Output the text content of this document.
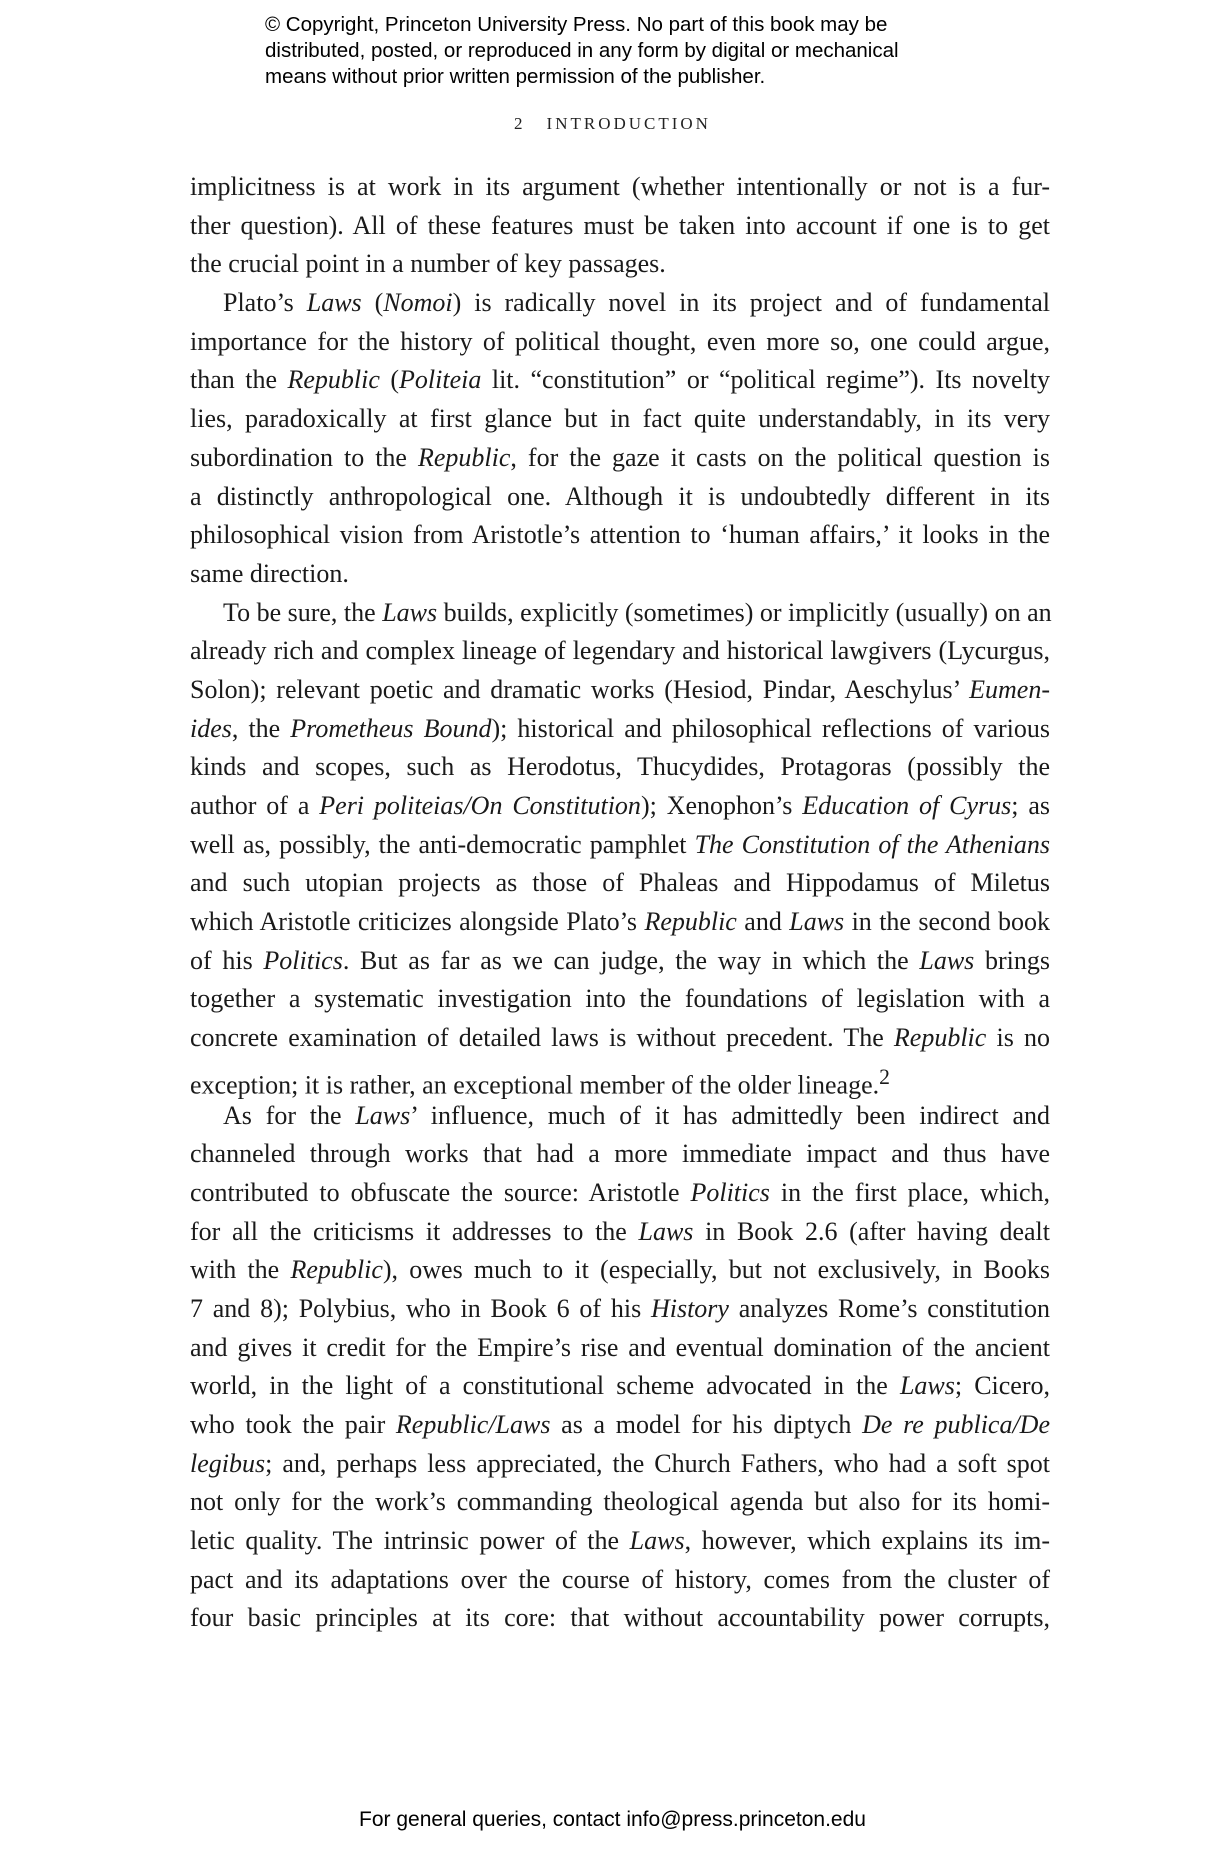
© Copyright, Princeton University Press. No part of this book may be
distributed, posted, or reproduced in any form by digital or mechanical
means without prior written permission of the publisher.
2 INTRODUCTION
implicitness is at work in its argument (whether intentionally or not is a fur-
ther question). All of these features must be taken into account if one is to get
the crucial point in a number of key passages.
Plato’s Laws (Nomoi) is radically novel in its project and of fundamental
importance for the history of political thought, even more so, one could argue,
than the Republic (Politeia lit. “constitution” or “political regime”). Its novelty
lies, paradoxically at first glance but in fact quite understandably, in its very
subordination to the Republic, for the gaze it casts on the political question is
a distinctly anthropological one. Although it is undoubtedly different in its
philosophical vision from Aristotle’s attention to ‘human affairs,’ it looks in the
same direction.
To be sure, the Laws builds, explicitly (sometimes) or implicitly (usually) on an
already rich and complex lineage of legendary and historical lawgivers (Lycurgus,
Solon); relevant poetic and dramatic works (Hesiod, Pindar, Aeschylus’ Eumen-
ides, the Prometheus Bound); historical and philosophical reflections of various
kinds and scopes, such as Herodotus, Thucydides, Protagoras (possibly the
author of a Peri politeias/On Constitution); Xenophon’s Education of Cyrus; as
well as, possibly, the anti-democratic pamphlet The Constitution of the Athenians
and such utopian projects as those of Phaleas and Hippodamus of Miletus
which Aristotle criticizes alongside Plato’s Republic and Laws in the second book
of his Politics. But as far as we can judge, the way in which the Laws brings
together a systematic investigation into the foundations of legislation with a
concrete examination of detailed laws is without precedent. The Republic is no
exception; it is rather, an exceptional member of the older lineage.$^2$
As for the Laws’ influence, much of it has admittedly been indirect and
channeled through works that had a more immediate impact and thus have
contributed to obfuscate the source: Aristotle Politics in the first place, which,
for all the criticisms it addresses to the Laws in Book 2.6 (after having dealt
with the Republic), owes much to it (especially, but not exclusively, in Books
7 and 8); Polybius, who in Book 6 of his History analyzes Rome’s constitution
and gives it credit for the Empire’s rise and eventual domination of the ancient
world, in the light of a constitutional scheme advocated in the Laws; Cicero,
who took the pair Republic/Laws as a model for his diptych De re publica/De
legibus; and, perhaps less appreciated, the Church Fathers, who had a soft spot
not only for the work’s commanding theological agenda but also for its homi-
letic quality. The intrinsic power of the Laws, however, which explains its im-
pact and its adaptations over the course of history, comes from the cluster of
four basic principles at its core: that without accountability power corrupts,
For general queries, contact info@press.princeton.edu
